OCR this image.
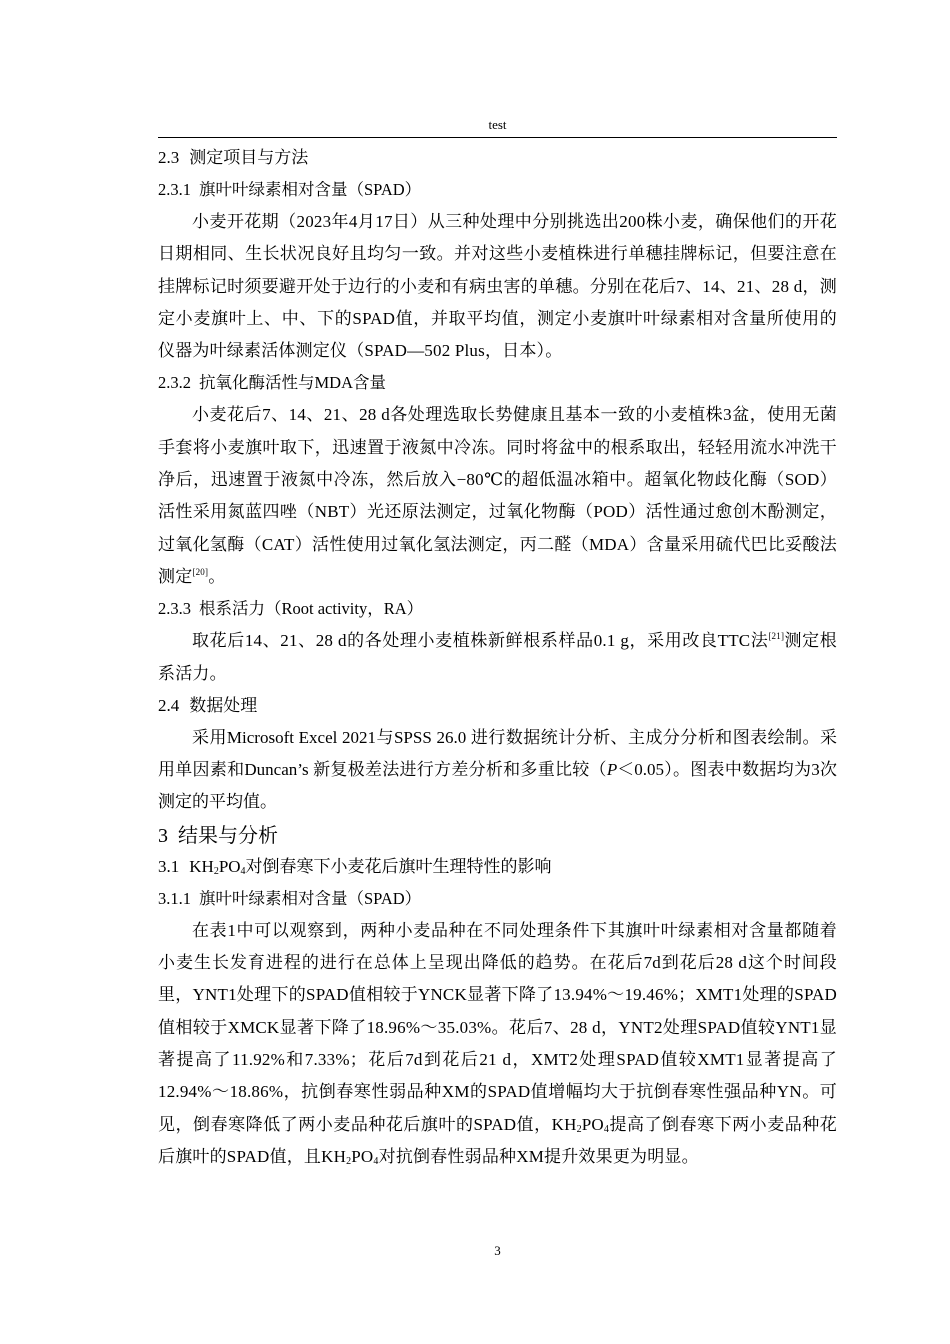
test
2.3 测定项目与方法
2.3.1 旗叶叶绿素相对含量（SPAD）

小麦开花期（2023年4月17日）从三种处理中分别挑选出200株小麦，确保他们的开花日期相同、生长状况良好且均匀一致。并对这些小麦植株进行单穗挂牌标记，但要注意在挂牌标记时须要避开处于边行的小麦和有病虫害的单穗。分别在花后7、14、21、28 d，测定小麦旗叶上、中、下的SPAD值，并取平均值，测定小麦旗叶叶绿素相对含量所使用的仪器为叶绿素活体测定仪（SPAD—502 Plus，日本）。

2.3.2 抗氧化酶活性与MDA含量

小麦花后7、14、21、28 d各处理选取长势健康且基本一致的小麦植株3盆，使用无菌手套将小麦旗叶取下，迅速置于液氮中冷冻。同时将盆中的根系取出，轻轻用流水冲洗干净后，迅速置于液氮中冷冻，然后放入−80℃的超低温冰箱中。超氧化物歧化酶（SOD）活性采用氮蓝四唑（NBT）光还原法测定，过氧化物酶（POD）活性通过愈创木酚测定，过氧化氢酶（CAT）活性使用过氧化氢法测定，丙二醛（MDA）含量采用硫代巴比妥酸法测定[20]。

2.3.3 根系活力（Root activity，RA）

取花后14、21、28 d的各处理小麦植株新鲜根系样品0.1 g，采用改良TTC法[21]测定根系活力。

2.4 数据处理

采用Microsoft Excel 2021与SPSS 26.0 进行数据统计分析、主成分分析和图表绘制。采用单因素和Duncan’s 新复极差法进行方差分析和多重比较（P＜0.05）。图表中数据均为3次测定的平均值。

3 结果与分析
3.1 $KH_2PO_4$对倒春寒下小麦花后旗叶生理特性的影响
3.1.1 旗叶叶绿素相对含量（SPAD）

在表1中可以观察到，两种小麦品种在不同处理条件下其旗叶叶绿素相对含量都随着小麦生长发育进程的进行在总体上呈现出降低的趋势。在花后7d到花后28 d这个时间段里，YNT1处理下的SPAD值相较于YNCK显著下降了13.94%～19.46%；XMT1处理的SPAD值相较于XMCK显著下降了18.96%～35.03%。花后7、28 d，YNT2处理SPAD值较YNT1显著提高了11.92%和7.33%；花后7d到花后21 d，XMT2处理SPAD值较XMT1显著提高了12.94%～18.86%，抗倒春寒性弱品种XM的SPAD值增幅均大于抗倒春寒性强品种YN。可见，倒春寒降低了两小麦品种花后旗叶的SPAD值，$KH_2PO_4$提高了倒春寒下两小麦品种花后旗叶的SPAD值，且$KH_2PO_4$对抗倒春性弱品种XM提升效果更为明显。

3
